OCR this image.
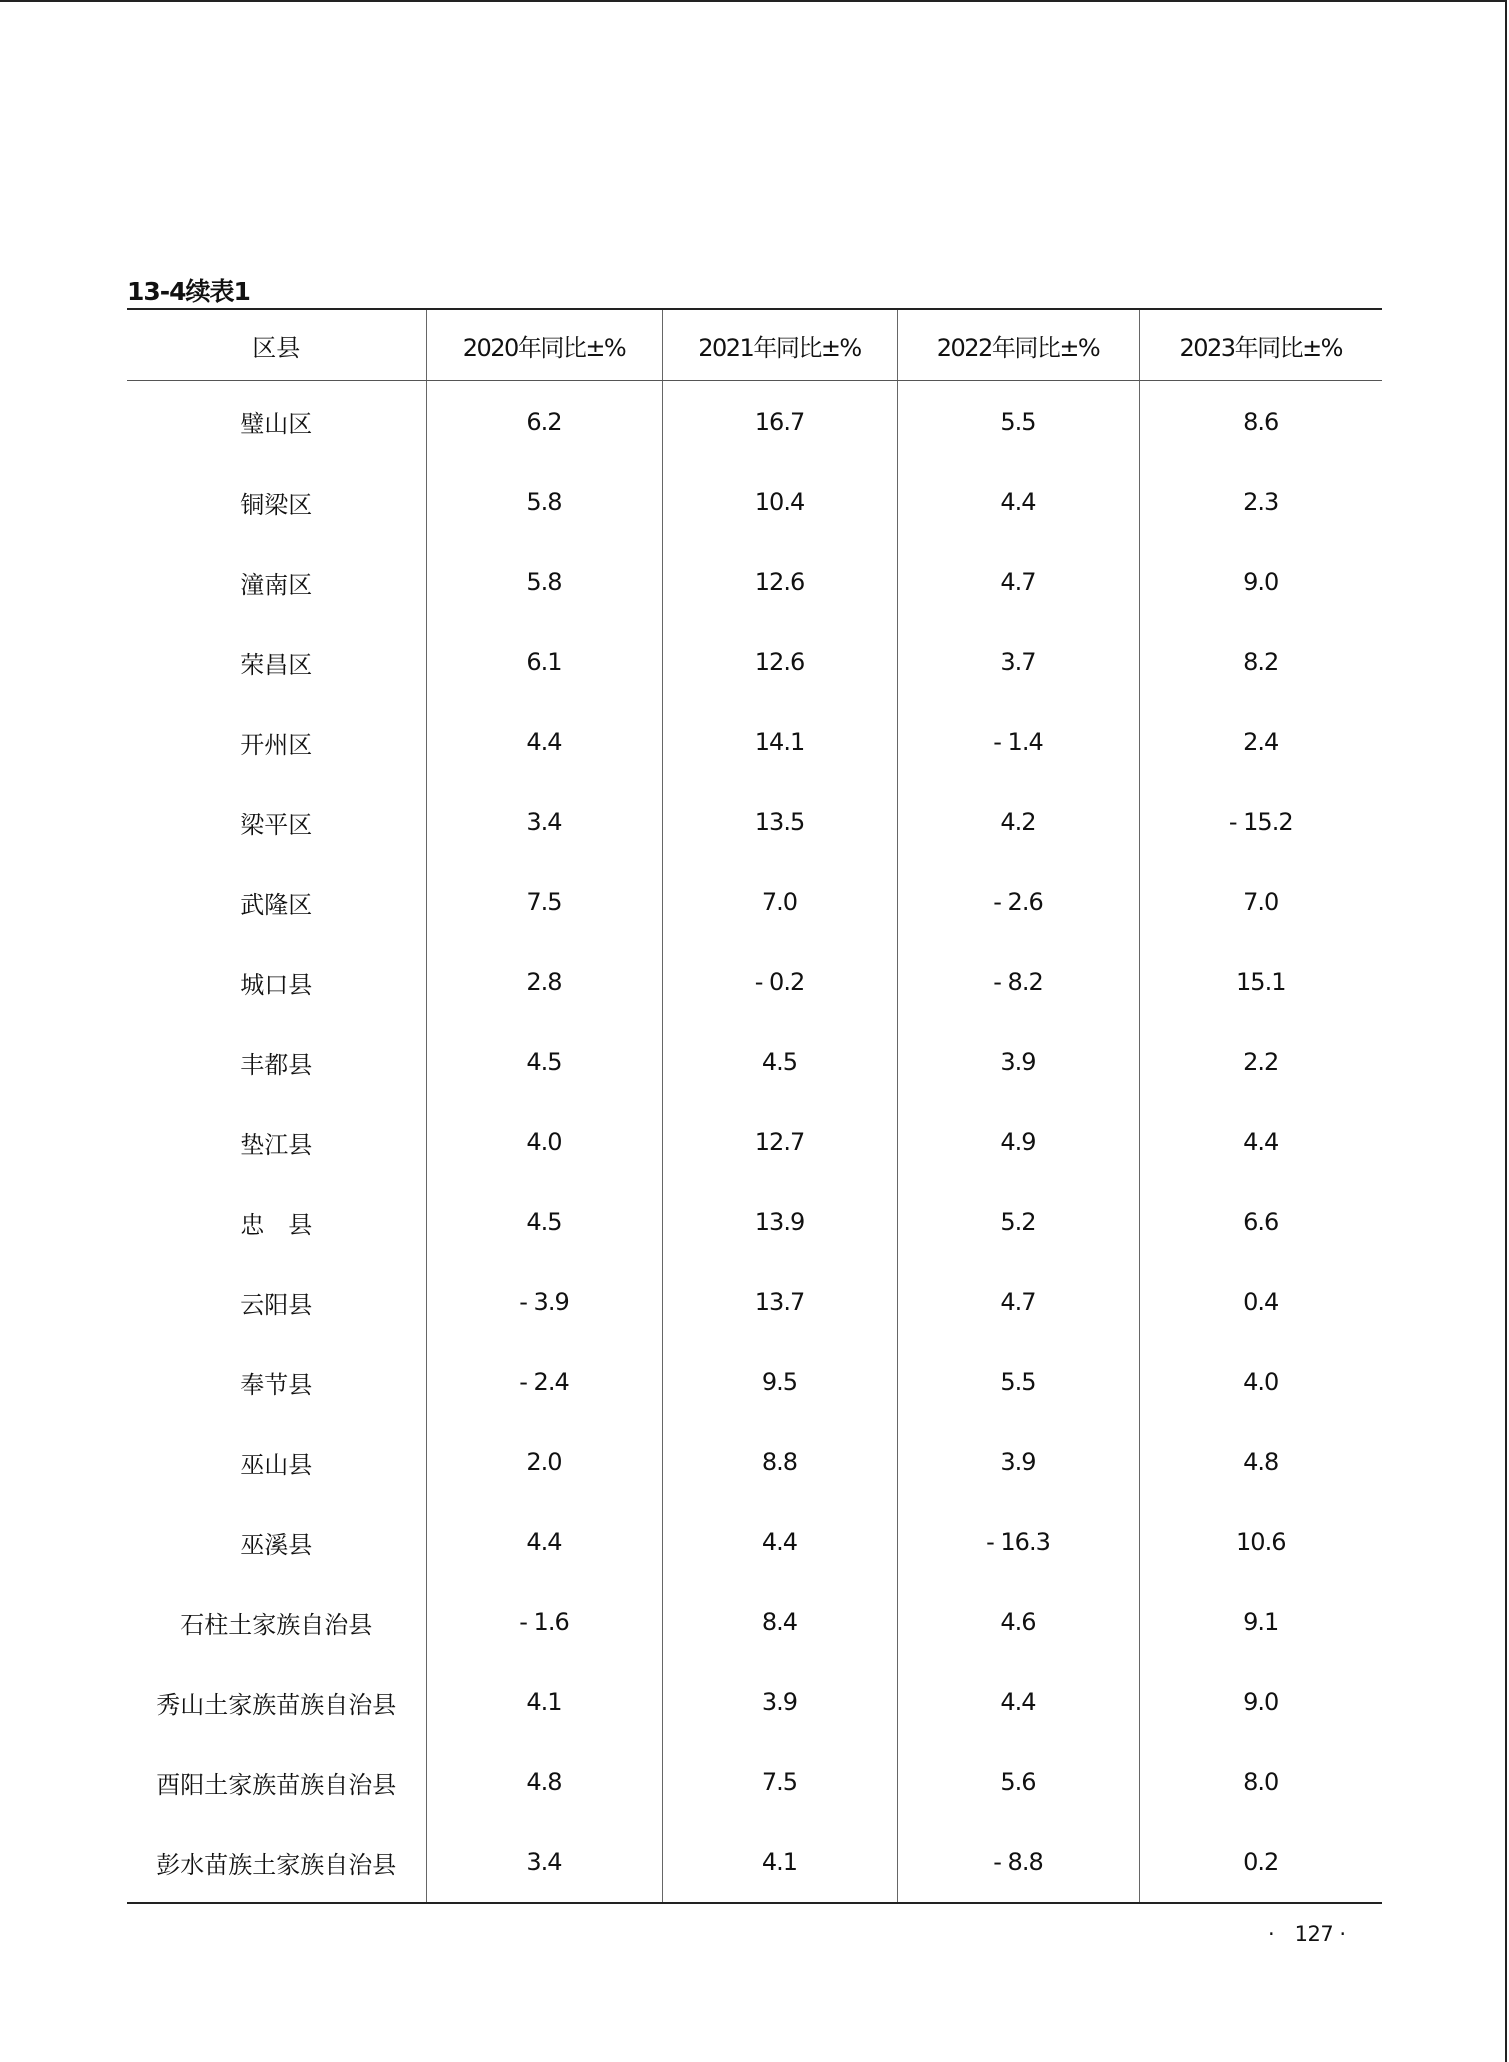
13-4续表1
区县	2020年同比±%	2021年同比±%	2022年同比±%	2023年同比±%
璧山区	6.2	16.7	5.5	8.6
铜梁区	5.8	10.4	4.4	2.3
潼南区	5.8	12.6	4.7	9.0
荣昌区	6.1	12.6	3.7	8.2
开州区	4.4	14.1	- 1.4	2.4
梁平区	3.4	13.5	4.2	- 15.2
武隆区	7.5	7.0	- 2.6	7.0
城口县	2.8	- 0.2	- 8.2	15.1
丰都县	4.5	4.5	3.9	2.2
垫江县	4.0	12.7	4.9	4.4
忠　县	4.5	13.9	5.2	6.6
云阳县	- 3.9	13.7	4.7	0.4
奉节县	- 2.4	9.5	5.5	4.0
巫山县	2.0	8.8	3.9	4.8
巫溪县	4.4	4.4	- 16.3	10.6
石柱土家族自治县	- 1.6	8.4	4.6	9.1
秀山土家族苗族自治县	4.1	3.9	4.4	9.0
酉阳土家族苗族自治县	4.8	7.5	5.6	8.0
彭水苗族土家族自治县	3.4	4.1	- 8.8	0.2
·　127 ·
